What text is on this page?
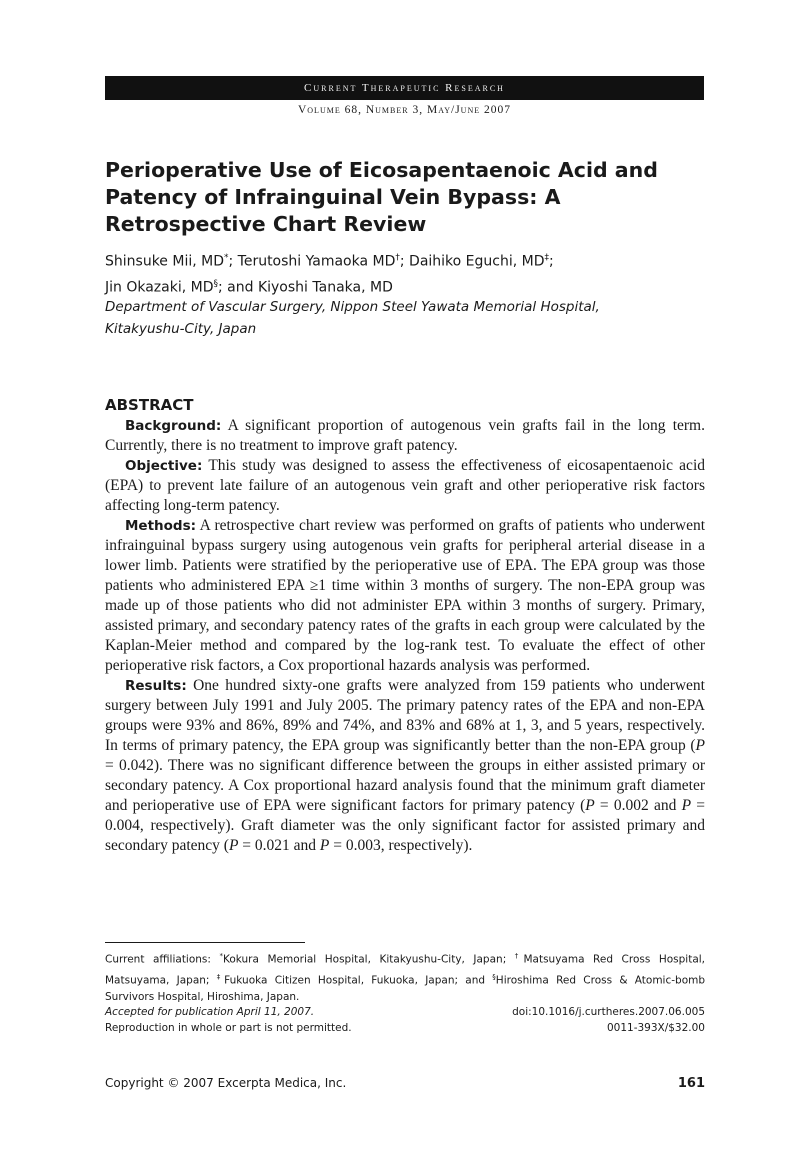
Current Therapeutic Research
Volume 68, Number 3, May/June 2007
Perioperative Use of Eicosapentaenoic Acid and Patency of Infrainguinal Vein Bypass: A Retrospective Chart Review
Shinsuke Mii, MD*; Terutoshi Yamaoka MD†; Daihiko Eguchi, MD‡;
Jin Okazaki, MD§; and Kiyoshi Tanaka, MD
Department of Vascular Surgery, Nippon Steel Yawata Memorial Hospital,
Kitakyushu-City, Japan
ABSTRACT

Background: A significant proportion of autogenous vein grafts fail in the long term. Currently, there is no treatment to improve graft patency.

Objective: This study was designed to assess the effectiveness of eicosapentaenoic acid (EPA) to prevent late failure of an autogenous vein graft and other perioperative risk factors affecting long-term patency.

Methods: A retrospective chart review was performed on grafts of patients who underwent infrainguinal bypass surgery using autogenous vein grafts for peripheral arterial disease in a lower limb. Patients were stratified by the perioperative use of EPA. The EPA group was those patients who administered EPA ≥1 time within 3 months of surgery. The non-EPA group was made up of those patients who did not administer EPA within 3 months of surgery. Primary, assisted primary, and secondary patency rates of the grafts in each group were calculated by the Kaplan-Meier method and compared by the log-rank test. To evaluate the effect of other perioperative risk factors, a Cox proportional hazards analysis was performed.

Results: One hundred sixty-one grafts were analyzed from 159 patients who underwent surgery between July 1991 and July 2005. The primary patency rates of the EPA and non-EPA groups were 93% and 86%, 89% and 74%, and 83% and 68% at 1, 3, and 5 years, respectively. In terms of primary patency, the EPA group was significantly better than the non-EPA group (P = 0.042). There was no significant difference between the groups in either assisted primary or secondary patency. A Cox proportional hazard analysis found that the minimum graft diameter and perioperative use of EPA were significant factors for primary patency (P = 0.002 and P = 0.004, respectively). Graft diameter was the only significant factor for assisted primary and secondary patency (P = 0.021 and P = 0.003, respectively).

Current affiliations: *Kokura Memorial Hospital, Kitakyushu-City, Japan; †Matsuyama Red Cross Hospital, Matsuyama, Japan; ‡Fukuoka Citizen Hospital, Fukuoka, Japan; and §Hiroshima Red Cross & Atomic-bomb Survivors Hospital, Hiroshima, Japan.
Accepted for publication April 11, 2007.	doi:10.1016/j.curtheres.2007.06.005
Reproduction in whole or part is not permitted.	0011-393X/$32.00
Copyright © 2007 Excerpta Medica, Inc.	161
